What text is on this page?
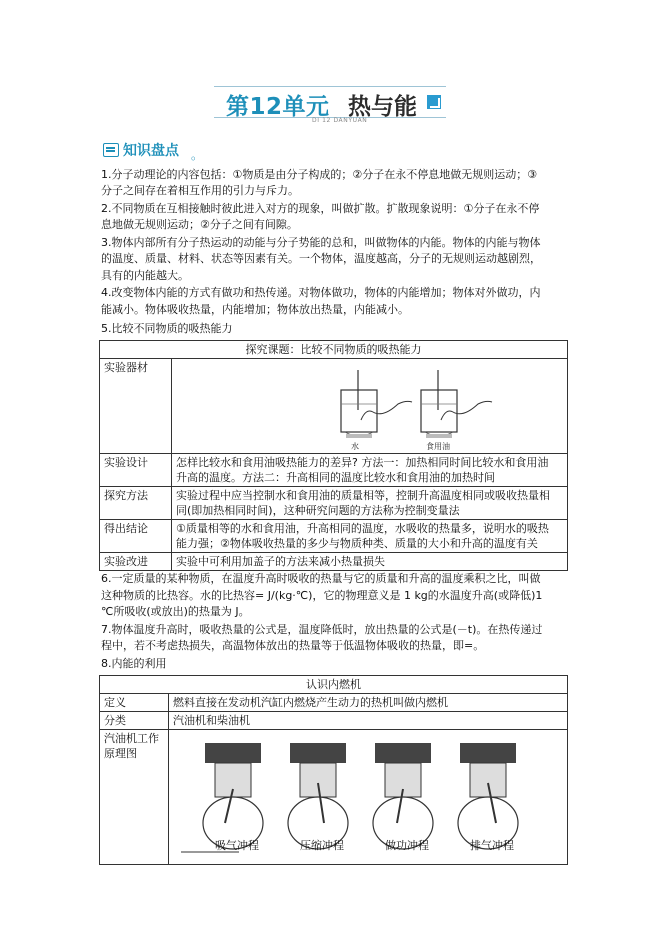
第12单元 热与能
DI 12 DANYUAN
知识盘点 。
1.分子动理论的内容包括：①物质是由分子构成的；②分子在永不停息地做无规则运动；③
分子之间存在着相互作用的引力与斥力。
2.不同物质在互相接触时彼此进入对方的现象，叫做扩散。扩散现象说明：①分子在永不停
息地做无规则运动；②分子之间有间隙。
3.物体内部所有分子热运动的动能与分子势能的总和，叫做物体的内能。物体的内能与物体
的温度、质量、材料、状态等因素有关。一个物体，温度越高，分子的无规则运动越剧烈，
具有的内能越大。
4.改变物体内能的方式有做功和热传递。对物体做功，物体的内能增加；物体对外做功，内
能减小。物体吸收热量，内能增加；物体放出热量，内能减小。
5.比较不同物质的吸热能力
探究课题：比较不同物质的吸热能力	
实验器材	水 食用油

实验设计	怎样比较水和食用油吸热能力的差异? 方法一：加热相同时间比较水和食用油
升高的温度。方法二：升高相同的温度比较水和食用油的加热时间

探究方法	实验过程中应当控制水和食用油的质量相等，控制升高温度相同或吸收热量相
同(即加热相同时间)，这种研究问题的方法称为控制变量法

得出结论	①质量相等的水和食用油，升高相同的温度，水吸收的热量多，说明水的吸热
能力强；②物体吸收热量的多少与物质种类、质量的大小和升高的温度有关

实验改进	实验中可利用加盖子的方法来减小热量损失
6.一定质量的某种物质，在温度升高时吸收的热量与它的质量和升高的温度乘积之比，叫做
这种物质的比热容。水的比热容= J/(kg·℃)，它的物理意义是 1 kg的水温度升高(或降低)1
℃所吸收(或放出)的热量为 J。
7.物体温度升高时，吸收热量的公式是，温度降低时，放出热量的公式是(－t)。在热传递过
程中，若不考虑热损失，高温物体放出的热量等于低温物体吸收的热量，即=。
8.内能的利用
认识内燃机	
定义	燃料直接在发动机汽缸内燃烧产生动力的热机叫做内燃机
分类	汽油机和柴油机
汽油机工作原理图	吸气冲程 压缩冲程 做功冲程 排气冲程
